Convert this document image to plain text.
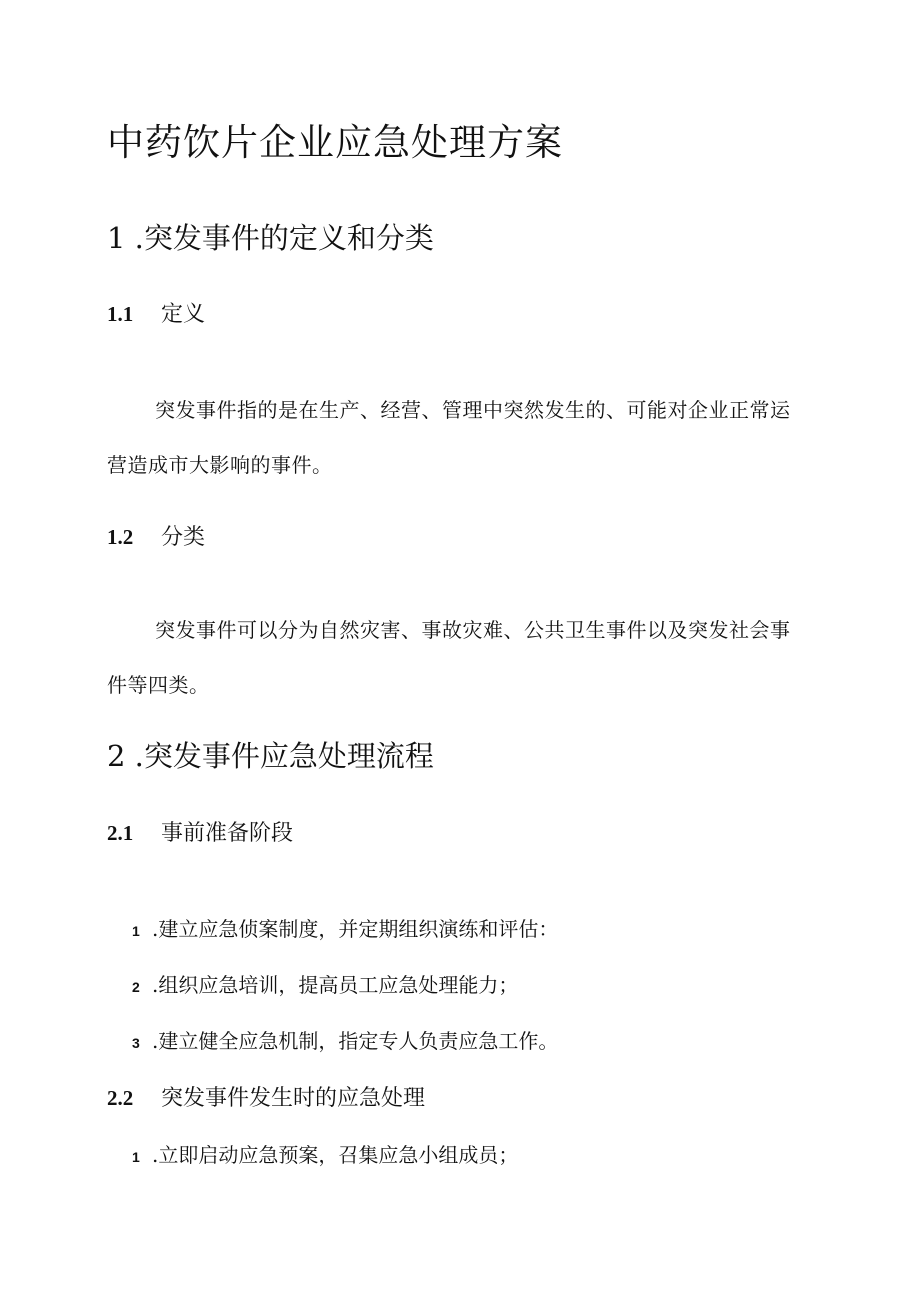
中药饮片企业应急处理方案
1 .突发事件的定义和分类
1.1 定义
突发事件指的是在生产、经营、管理中突然发生的、可能对企业正常运营造成市大影响的事件。
1.2 分类
突发事件可以分为自然灾害、事故灾难、公共卫生事件以及突发社会事件等四类。
2 .突发事件应急处理流程
2.1 事前准备阶段
1 .建立应急侦案制度，并定期组织演练和评估：
2 .组织应急培训，提高员工应急处理能力；
3 .建立健全应急机制，指定专人负责应急工作。
2.2 突发事件发生时的应急处理
1 .立即启动应急预案，召集应急小组成员；
